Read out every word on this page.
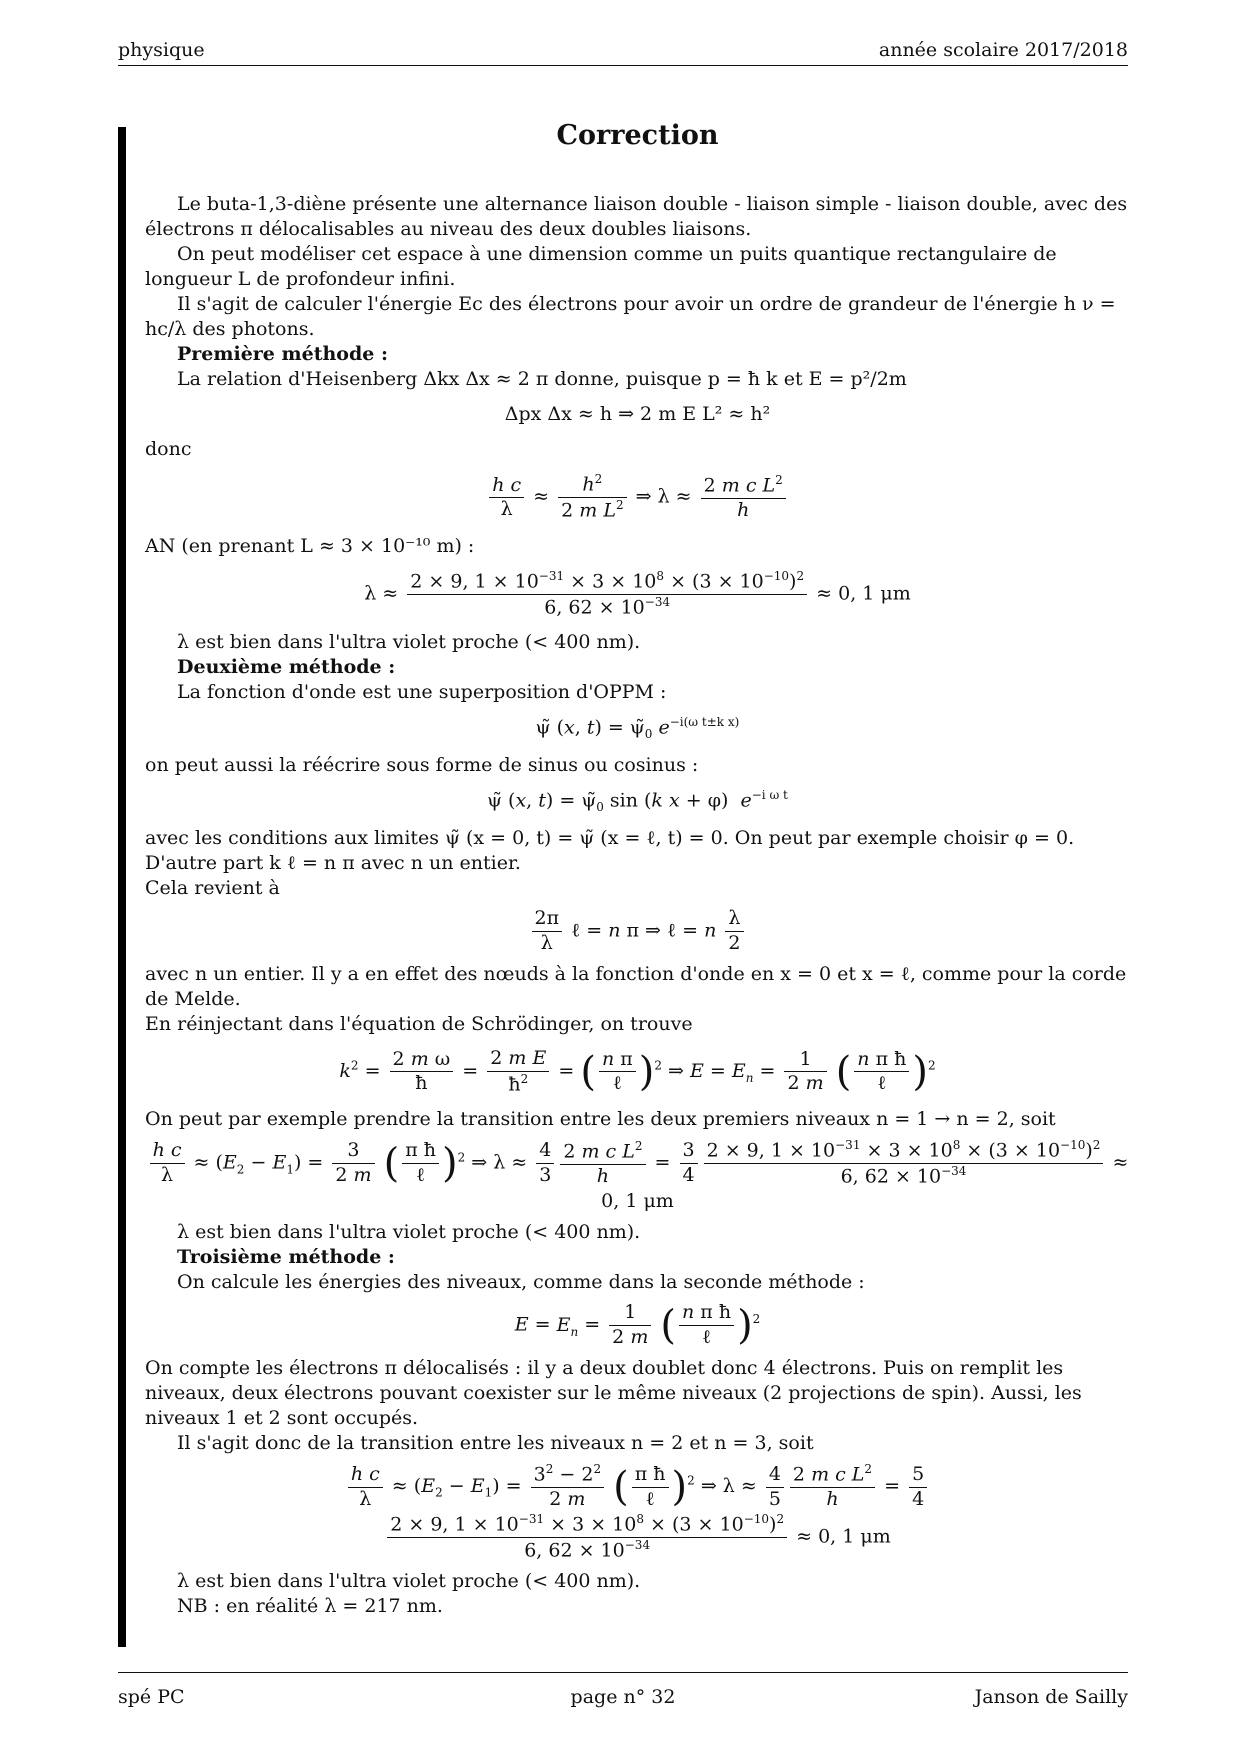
physique	année scolaire 2017/2018
Correction

Le buta-1,3-diène présente une alternance liaison double - liaison simple - liaison double, avec des électrons π délocalisables au niveau des deux doubles liaisons.

On peut modéliser cet espace à une dimension comme un puits quantique rectangulaire de longueur L de profondeur infini.

Il s'agit de calculer l'énergie Ec des électrons pour avoir un ordre de grandeur de l'énergie h ν = hc/λ des photons.

Première méthode :

La relation d'Heisenberg Δkx Δx ≈ 2 π donne, puisque p = ħ k et E = p²/2m

Δpx Δx ≈ h ⇒ 2 m E L² ≈ h²

donc

$\frac{\text{h c}}{\lambda} \approx \frac{h^2}{2 m L^2}$ ⇒ $\lambda \approx \frac{2 m c L^2}{h}$

AN (en prenant L ≈ 3 × 10⁻¹⁰ m) :

$\lambda \approx \frac{2 \times 9, 1 \times 10^{-31} \times 3 \times 10^8 \times (3 \times 10^{-10})^2}{6, 62 \times 10^{-34}} \approx 0$, 1 μm

λ est bien dans l'ultra violet proche (< 400 nm).

Deuxième méthode :

La fonction d'onde est une superposition d'OPPM :

ψ̃ (x, $t) = \psĩ_0$ $e^{-i(\omega t\pm k x)}$

on peut aussi la réécrire sous forme de sinus ou cosinus :

ψ̃ (x, $t) = \psĩ_0$ sin (k x + φ)  $e^{-i \omega t}$

avec les conditions aux limites ψ̃ (x = 0, t) = ψ̃ (x = ℓ, t) = 0. On peut par exemple choisir φ = 0. D'autre part k ℓ = n π avec n un entier.

Cela revient à

$\frac{2\pi}{\lambda}$ ℓ = n π ⇒ ℓ = n $\frac{\lambda}{2}$

avec n un entier. Il y a en effet des nœuds à la fonction d'onde en x = 0 et x = ℓ, comme pour la corde de Melde.

En réinjectant dans l'équation de Schrödinger, on trouve

$k^2 = \frac{\text{2 m ω}}{ħ} = \frac{\text{2 m E}}{ħ^2}$ = ( n π
ℓ )$^2$ ⇒ $E = E_n = \frac{1}{2 m}$ ( n π ħ
ℓ )$^2$

On peut par exemple prendre la transition entre les deux premiers niveaux n = 1 → n = 2, soit

$\frac{\text{h c}}{\lambda} \approx (E_2 - E_1) = \frac{3}{2 m}$ ( π ħ
ℓ )$^2$ ⇒ $\lambda \approx \frac{4}{3} \frac{2 m c L^2}{h} = \frac{3}{4} \frac{2 \times 9, 1 \times 10^{-31} \times 3 \times 10^8 \times (3 \times 10^{-10})^2}{6, 62 \times 10^{-34}} \approx 0$, 1 μm

λ est bien dans l'ultra violet proche (< 400 nm).

Troisième méthode :

On calcule les énergies des niveaux, comme dans la seconde méthode :

$E = E_n = \frac{1}{2 m}$ ( n π ħ
ℓ )$^2$

On compte les électrons π délocalisés : il y a deux doublet donc 4 électrons. Puis on remplit les niveaux, deux électrons pouvant coexister sur le même niveaux (2 projections de spin). Aussi, les niveaux 1 et 2 sont occupés.

Il s'agit donc de la transition entre les niveaux n = 2 et n = 3, soit

$\frac{\text{h c}}{\lambda} \approx (E_2 - E_1) = \frac{3^2 - 2^2}{2 m}$ ( π ħ
ℓ )$^2$ ⇒ $\lambda \approx \frac{4}{5} \frac{2 m c L^2}{h} = \frac{5}{4}$
$\frac{2 \times 9, 1 \times 10^{-31} \times 3 \times 10^8 \times (3 \times 10^{-10})^2}{6, 62 \times 10^{-34}} \approx 0$, 1 μm

λ est bien dans l'ultra violet proche (< 400 nm).

NB : en réalité λ = 217 nm.

spé PC	page n° 32	Janson de Sailly
